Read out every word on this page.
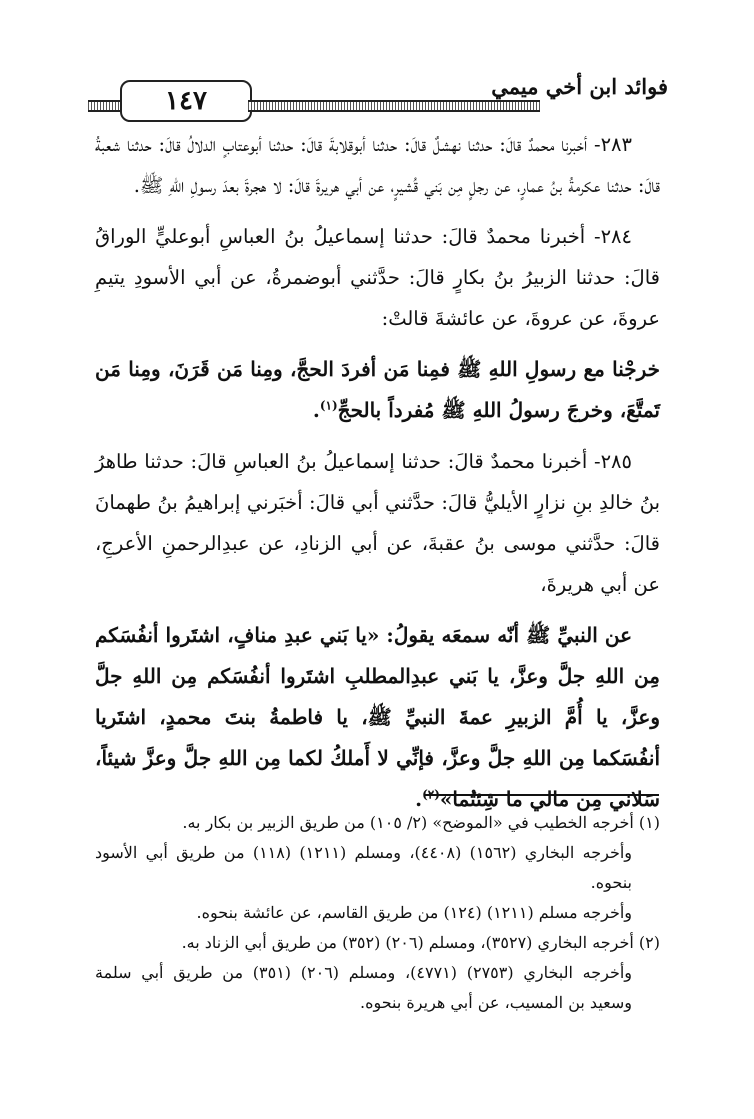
١٤٧	فوائد ابن أخي ميمي

٢٨٣- أخبرنا محمدٌ قالَ: حدثنا نهشلٌ قالَ: حدثنا أبوقلابةَ قالَ: حدثنا أبوعتابٍ الدلالُ قالَ: حدثنا شعبةُ قالَ: حدثنا عكرمةُ بنُ عمارٍ، عن رجلٍ مِن بَني قُشيرٍ، عن أبي هريرةَ قالَ: لا هجرةَ بعدَ رسولِ اللهِ ﷺ.

٢٨٤- أخبرنا محمدٌ قالَ: حدثنا إسماعيلُ بنُ العباسِ أبوعليٍّ الوراقُ قالَ: حدثنا الزبيرُ بنُ بكارٍ قالَ: حدَّثني أبوضمرةُ، عن أبي الأسودِ يتيمِ عروةَ، عن عروةَ، عن عائشةَ قالتْ:

خرجْنا مع رسولِ اللهِ ﷺ فمِنا مَن أفردَ الحجَّ، ومِنا مَن قَرَنَ، ومِنا مَن تَمتَّعَ، وخرجَ رسولُ اللهِ ﷺ مُفرداً بالحجِّ$^{(١)}$.

٢٨٥- أخبرنا محمدٌ قالَ: حدثنا إسماعيلُ بنُ العباسِ قالَ: حدثنا طاهرُ بنُ خالدِ بنِ نزارٍ الأيليُّ قالَ: حدَّثني أبي قالَ: أخبَرني إبراهيمُ بنُ طهمانَ قالَ: حدَّثني موسى بنُ عقبةَ، عن أبي الزنادِ، عن عبدِالرحمنِ الأعرجِ، عن أبي هريرةَ،

عن النبيِّ ﷺ أنّه سمعَه يقولُ: «يا بَني عبدِ منافٍ، اشتَروا أنفُسَكم مِن اللهِ جلَّ وعزَّ، يا بَني عبدِالمطلبِ اشتَروا أنفُسَكم مِن اللهِ جلَّ وعزَّ، يا أُمَّ الزبيرِ عمةَ النبيِّ ﷺ، يا فاطمةُ بنتَ محمدٍ، اشتَريا أنفُسَكما مِن اللهِ جلَّ وعزَّ، فإنِّي لا أَملكُ لكما مِن اللهِ جلَّ وعزَّ شيئاً، سَلاني مِن مالي ما شِئتُما»$^{(٢)}$.

(١) أخرجه الخطيب في «الموضح» (٢/ ١٠٥) من طريق الزبير بن بكار به.

وأخرجه البخاري (١٥٦٢) (٤٤٠٨)، ومسلم (١٢١١) (١١٨) من طريق أبي الأسود بنحوه.

وأخرجه مسلم (١٢١١) (١٢٤) من طريق القاسم، عن عائشة بنحوه.

(٢) أخرجه البخاري (٣٥٢٧)، ومسلم (٢٠٦) (٣٥٢) من طريق أبي الزناد به.

وأخرجه البخاري (٢٧٥٣) (٤٧٧١)، ومسلم (٢٠٦) (٣٥١) من طريق أبي سلمة وسعيد بن المسيب، عن أبي هريرة بنحوه.
